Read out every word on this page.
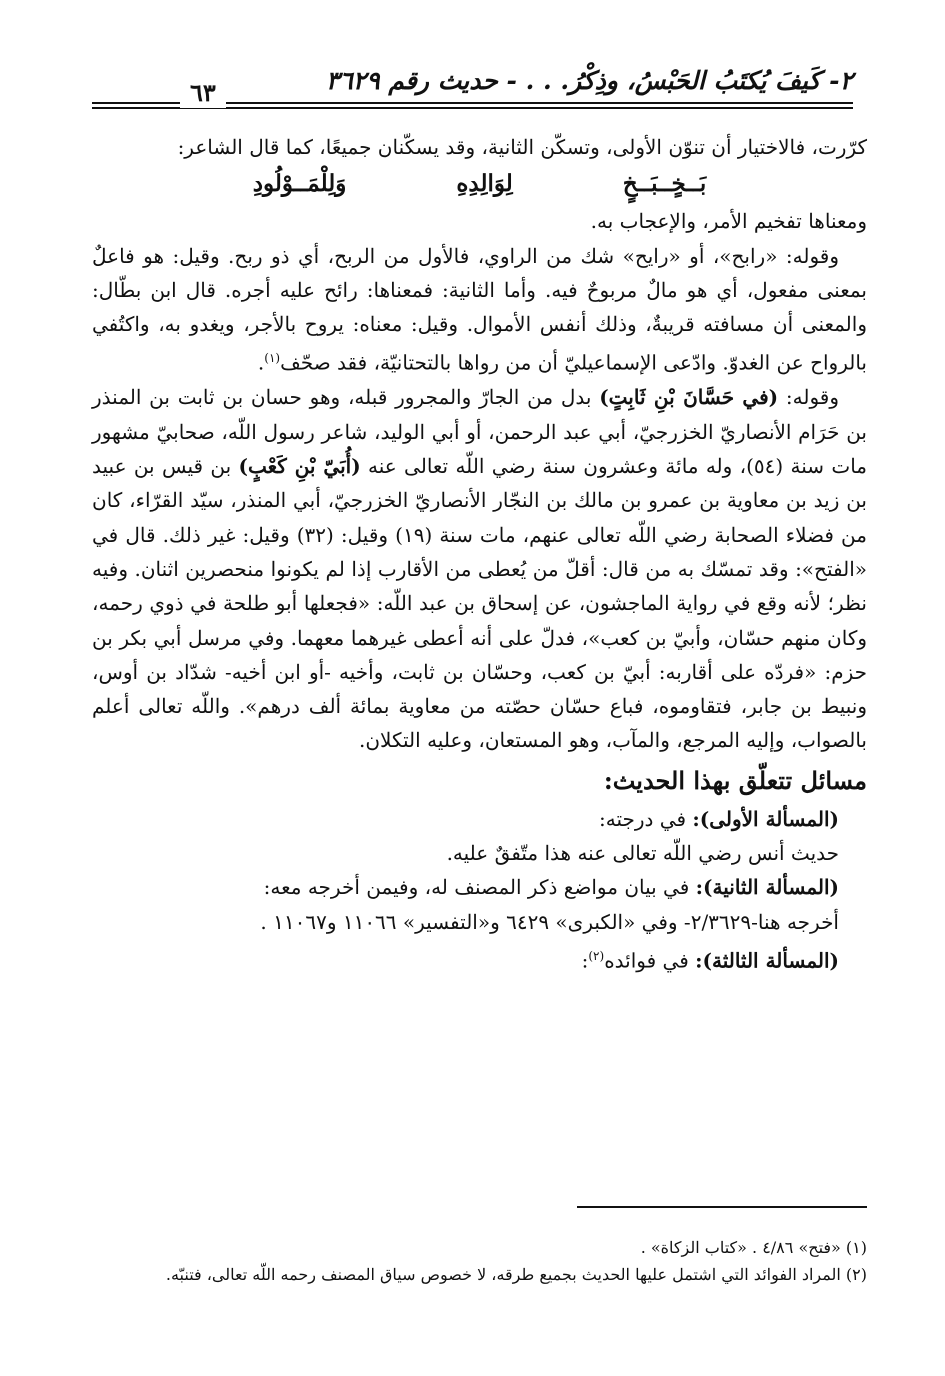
٢- كَيفَ يُكتَبُ الحَبْسُ، وذِكْرُ. . . - حديث رقم ٣٦٢٩
٦٣

كرّرت، فالاختيار أن تنوّن الأولى، وتسكّن الثانية، وقد يسكّنان جميعًا، كما قال الشاعر:

بَــخٍــبَــخٍ
لِوَالِدِهِ
وَلِلْمَــوْلُودِ

ومعناها تفخيم الأمر، والإعجاب به.

وقوله: «رابح»، أو «رايح» شك من الراوي، فالأول من الربح، أي ذو ربح. وقيل: هو فاعلٌ بمعنى مفعول، أي هو مالٌ مربوحٌ فيه. وأما الثانية: فمعناها: رائح عليه أجره. قال ابن بطّال: والمعنى أن مسافته قريبةٌ، وذلك أنفس الأموال. وقيل: معناه: يروح بالأجر، ويغدو به، واكتُفي بالرواح عن الغدوّ. وادّعى الإسماعيليّ أن من رواها بالتحتانيّة، فقد صحّف$^{(١)}$.

وقوله: (في حَسَّانَ بْنِ ثَابِتٍ) بدل من الجارّ والمجرور قبله، وهو حسان بن ثابت بن المنذر بن حَرَام الأنصاريّ الخزرجيّ، أبي عبد الرحمن، أو أبي الوليد، شاعر رسول اللّه، صحابيّ مشهور مات سنة (٥٤)، وله مائة وعشرون سنة رضي اللّه تعالى عنه (أُبَيّ بْنِ كَعْبٍ) بن قيس بن عبيد بن زيد بن معاوية بن عمرو بن مالك بن النجّار الأنصاريّ الخزرجيّ، أبي المنذر، سيّد القرّاء، كان من فضلاء الصحابة رضي اللّه تعالى عنهم، مات سنة (١٩) وقيل: (٣٢) وقيل: غير ذلك. قال في «الفتح»: وقد تمسّك به من قال: أقلّ من يُعطى من الأقارب إذا لم يكونوا منحصرين اثنان. وفيه نظر؛ لأنه وقع في رواية الماجشون، عن إسحاق بن عبد اللّه: «فجعلها أبو طلحة في ذوي رحمه، وكان منهم حسّان، وأبيّ بن كعب»، فدلّ على أنه أعطى غيرهما معهما. وفي مرسل أبي بكر بن حزم: «فردّه على أقاربه: أبيّ بن كعب، وحسّان بن ثابت، وأخيه -أو ابن أخيه- شدّاد بن أوس، ونبيط بن جابر، فتقاوموه، فباع حسّان حصّته من معاوية بمائة ألف درهم». واللّه تعالى أعلم بالصواب، وإليه المرجع، والمآب، وهو المستعان، وعليه التكلان.

مسائل تتعلّق بهذا الحديث:

(المسألة الأولى): في درجته:

حديث أنس رضي اللّه تعالى عنه هذا متّفقٌ عليه.

(المسألة الثانية): في بيان مواضع ذكر المصنف له، وفيمن أخرجه معه:

أخرجه هنا-٢/٣٦٢٩- وفي «الكبرى» ٦٤٢٩ و«التفسير» ١١٠٦٦ و١١٠٦٧ .

(المسألة الثالثة): في فوائده$^{(٢)}$:

(١) «فتح» ٤/٨٦ . «كتاب الزكاة» .

(٢) المراد الفوائد التي اشتمل عليها الحديث بجميع طرقه، لا خصوص سياق المصنف رحمه اللّه تعالى، فتنبّه.
